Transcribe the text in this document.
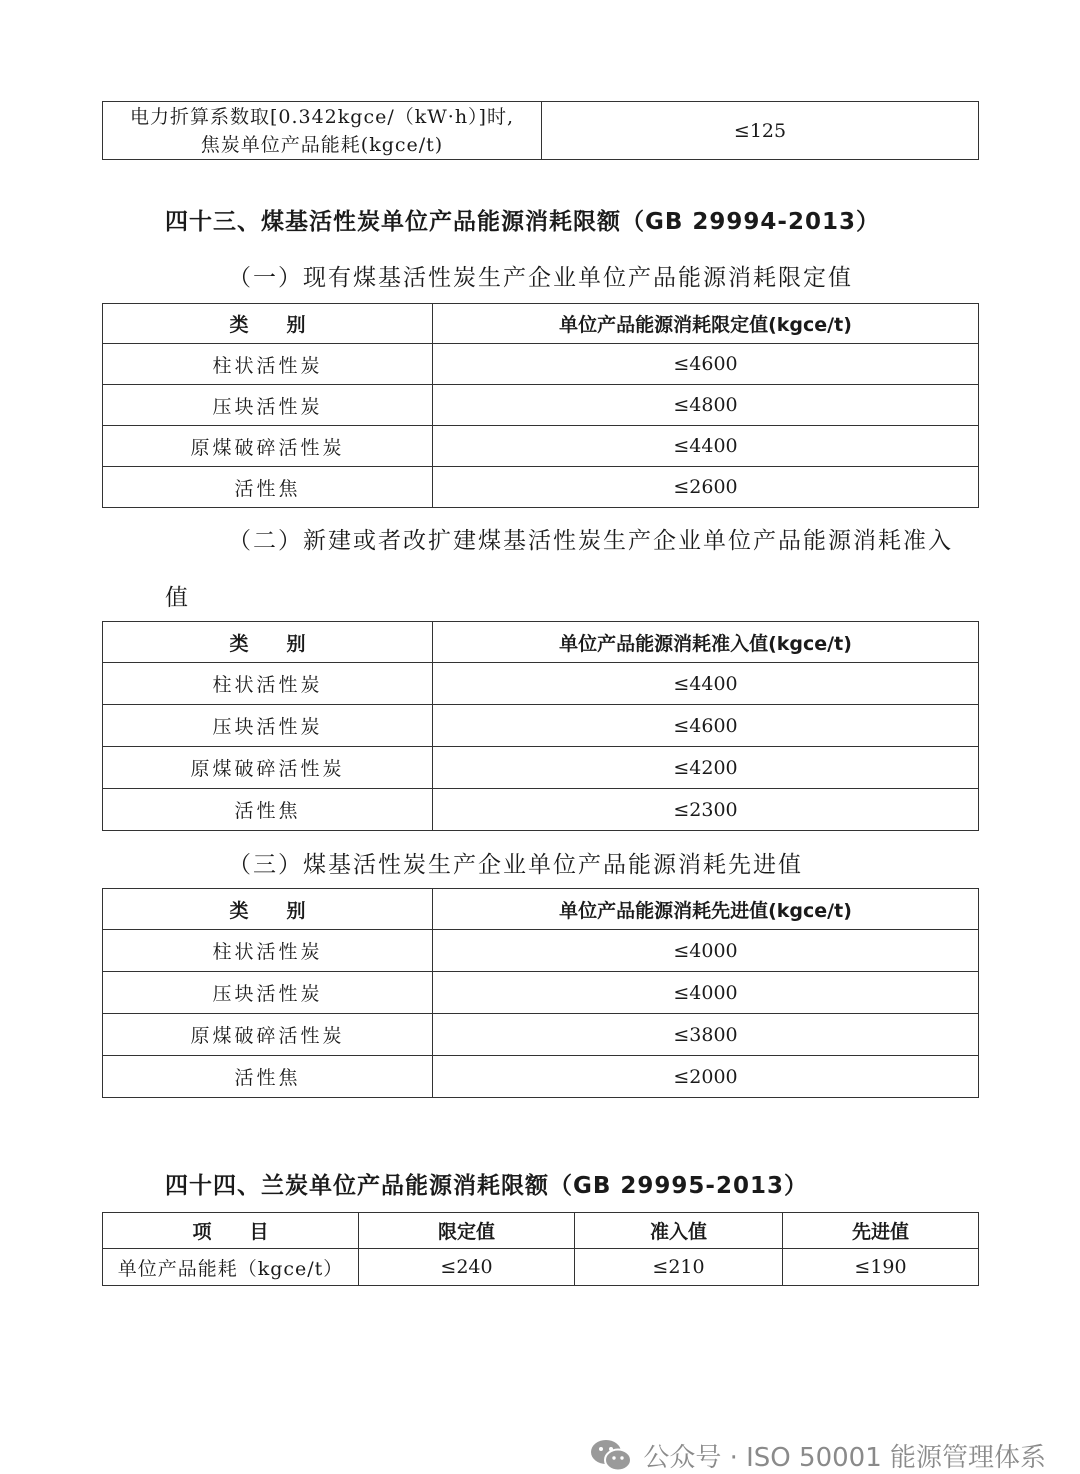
电力折算系数取[0.342kgce/（kW·h）]时,
焦炭单位产品能耗(kgce/t)
	≤125
四十三、煤基活性炭单位产品能源消耗限额（GB 29994-2013）
（一）现有煤基活性炭生产企业单位产品能源消耗限定值
类　　别	单位产品能源消耗限定值(kgce/t)
柱状活性炭	≤4600
压块活性炭	≤4800
原煤破碎活性炭	≤4400
活性焦	≤2600
（二）新建或者改扩建煤基活性炭生产企业单位产品能源消耗准入
值
类　　别	单位产品能源消耗准入值(kgce/t)
柱状活性炭	≤4400
压块活性炭	≤4600
原煤破碎活性炭	≤4200
活性焦	≤2300
（三）煤基活性炭生产企业单位产品能源消耗先进值
类　　别	单位产品能源消耗先进值(kgce/t)
柱状活性炭	≤4000
压块活性炭	≤4000
原煤破碎活性炭	≤3800
活性焦	≤2000
四十四、兰炭单位产品能源消耗限额（GB 29995-2013）
项　　目	限定值	准入值	先进值
单位产品能耗（kgce/t）	≤240	≤210	≤190
公众号 · ISO 50001 能源管理体系
